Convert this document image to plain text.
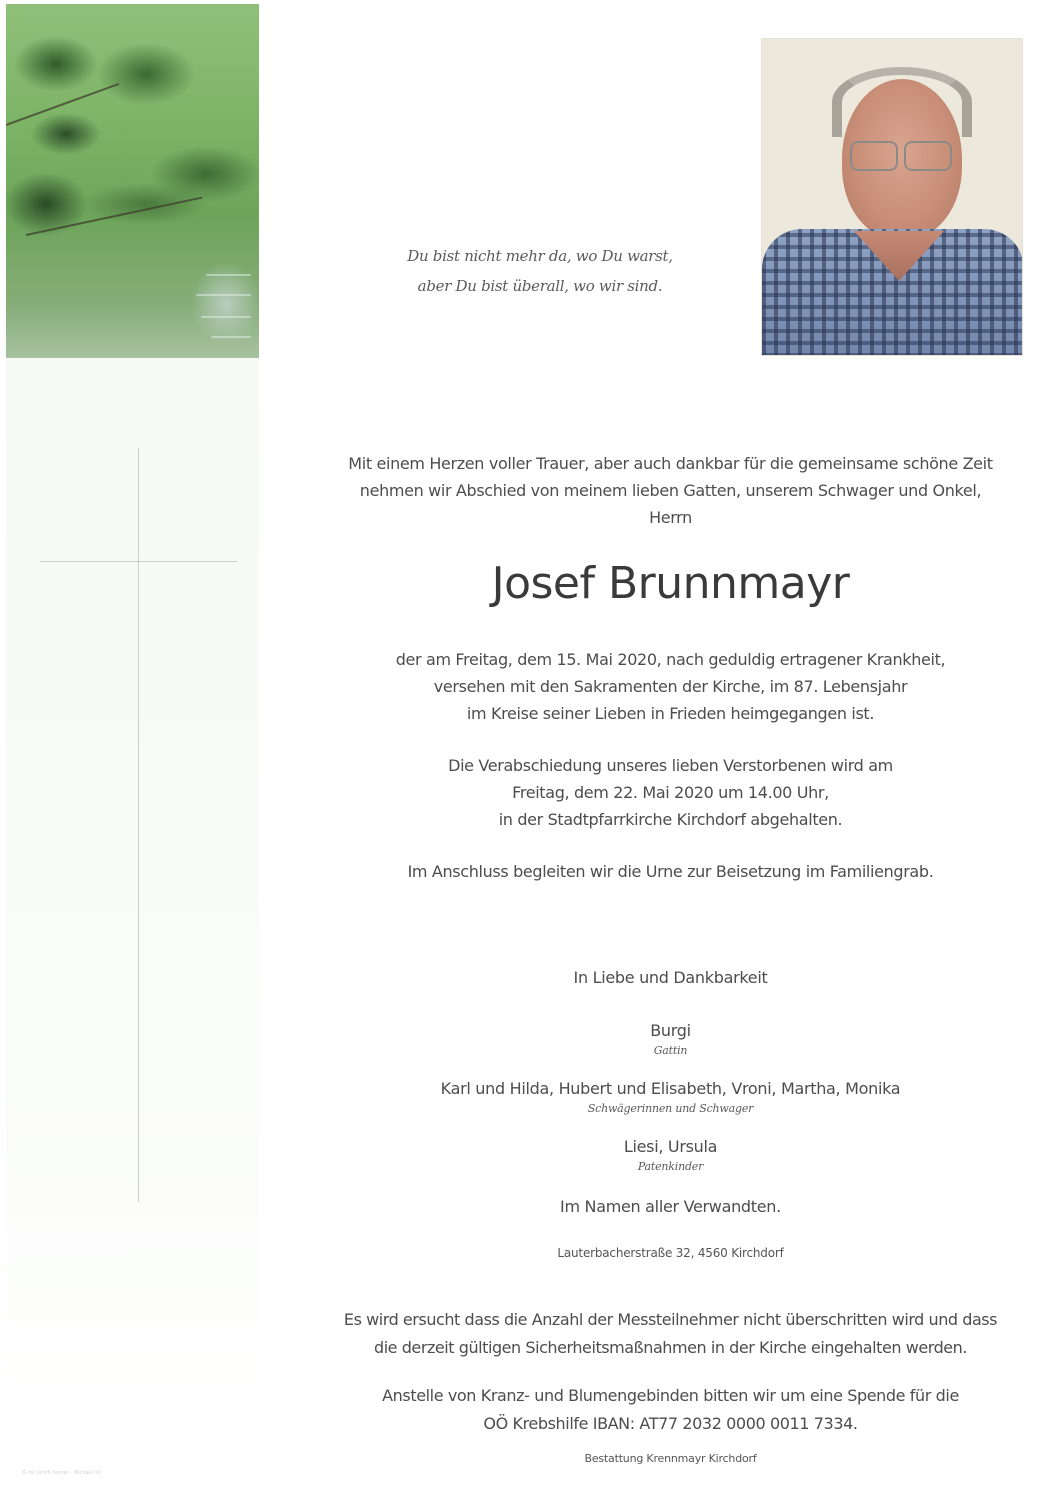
Du bist nicht mehr da, wo Du warst,
aber Du bist überall, wo wir sind.
Mit einem Herzen voller Trauer, aber auch dankbar für die gemeinsame schöne Zeit
nehmen wir Abschied von meinem lieben Gatten, unserem Schwager und Onkel,
Herrn
Josef Brunnmayr
der am Freitag, dem 15. Mai 2020, nach geduldig ertragener Krankheit,
versehen mit den Sakramenten der Kirche, im 87. Lebensjahr
im Kreise seiner Lieben in Frieden heimgegangen ist.
Die Verabschiedung unseres lieben Verstorbenen wird am
Freitag, dem 22. Mai 2020 um 14.00 Uhr,
in der Stadtpfarrkirche Kirchdorf abgehalten.
Im Anschluss begleiten wir die Urne zur Beisetzung im Familiengrab.
In Liebe und Dankbarkeit
Burgi
Gattin
Karl und Hilda, Hubert und Elisabeth, Vroni, Martha, Monika
Schwägerinnen und Schwager
Liesi, Ursula
Patenkinder
Im Namen aller Verwandten.
Lauterbacherstraße 32, 4560 Kirchdorf
Es wird ersucht dass die Anzahl der Messteilnehmer nicht überschritten wird und dass
die derzeit gültigen Sicherheitsmaßnahmen in der Kirche eingehalten werden.
Anstelle von Kranz- und Blumengebinden bitten wir um eine Spende für die
OÖ Krebshilfe IBAN: AT77 2032 0000 0011 7334.
Bestattung Krennmayr Kirchdorf
© by Ulrich Aumer - Michael 10
